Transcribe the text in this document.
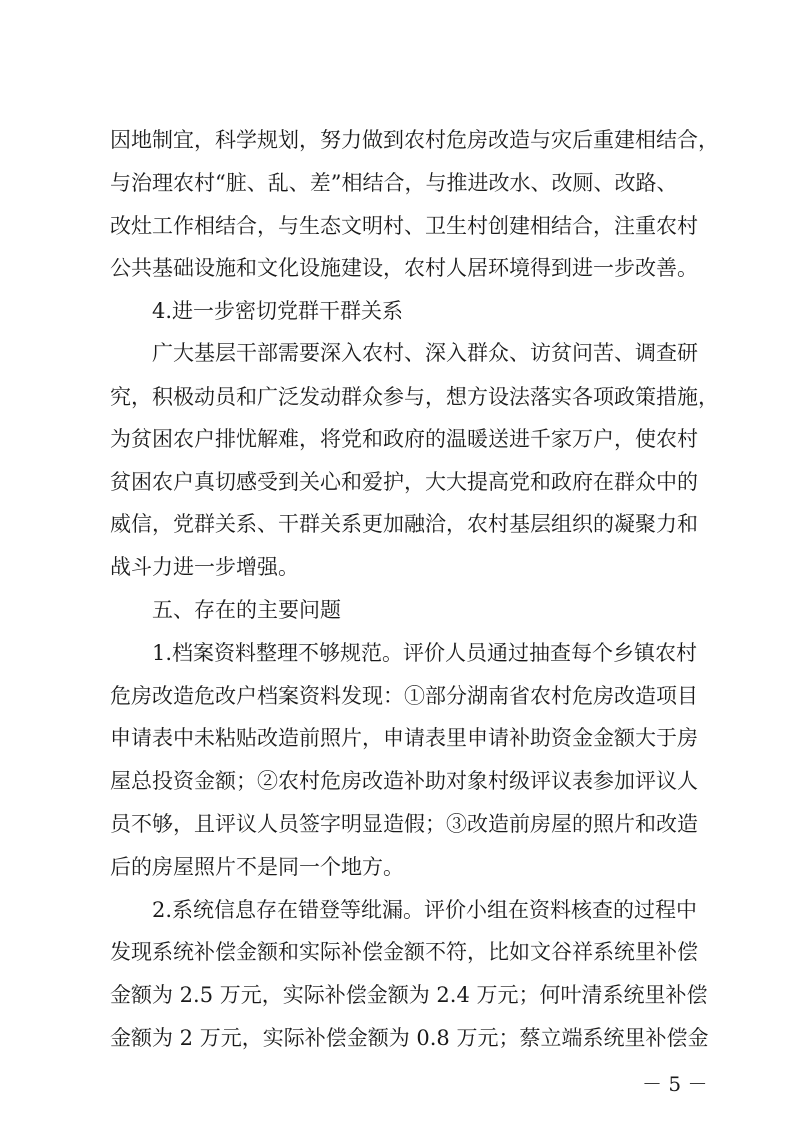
因地制宜，科学规划，努力做到农村危房改造与灾后重建相结合，
与治理农村“脏、乱、差”相结合，与推进改水、改厕、改路、
改灶工作相结合，与生态文明村、卫生村创建相结合，注重农村
公共基础设施和文化设施建设，农村人居环境得到进一步改善。
4.进一步密切党群干群关系
广大基层干部需要深入农村、深入群众、访贫问苦、调查研
究，积极动员和广泛发动群众参与，想方设法落实各项政策措施，
为贫困农户排忧解难，将党和政府的温暖送进千家万户，使农村
贫困农户真切感受到关心和爱护，大大提高党和政府在群众中的
威信，党群关系、干群关系更加融洽，农村基层组织的凝聚力和
战斗力进一步增强。
五、存在的主要问题
1.档案资料整理不够规范。评价人员通过抽查每个乡镇农村
危房改造危改户档案资料发现：①部分湖南省农村危房改造项目
申请表中未粘贴改造前照片，申请表里申请补助资金金额大于房
屋总投资金额；②农村危房改造补助对象村级评议表参加评议人
员不够，且评议人员签字明显造假；③改造前房屋的照片和改造
后的房屋照片不是同一个地方。
2.系统信息存在错登等纰漏。评价小组在资料核查的过程中
发现系统补偿金额和实际补偿金额不符，比如文谷祥系统里补偿
金额为 2.5 万元，实际补偿金额为 2.4 万元；何叶清系统里补偿
金额为 2 万元，实际补偿金额为 0.8 万元；蔡立端系统里补偿金
－ 5 －
